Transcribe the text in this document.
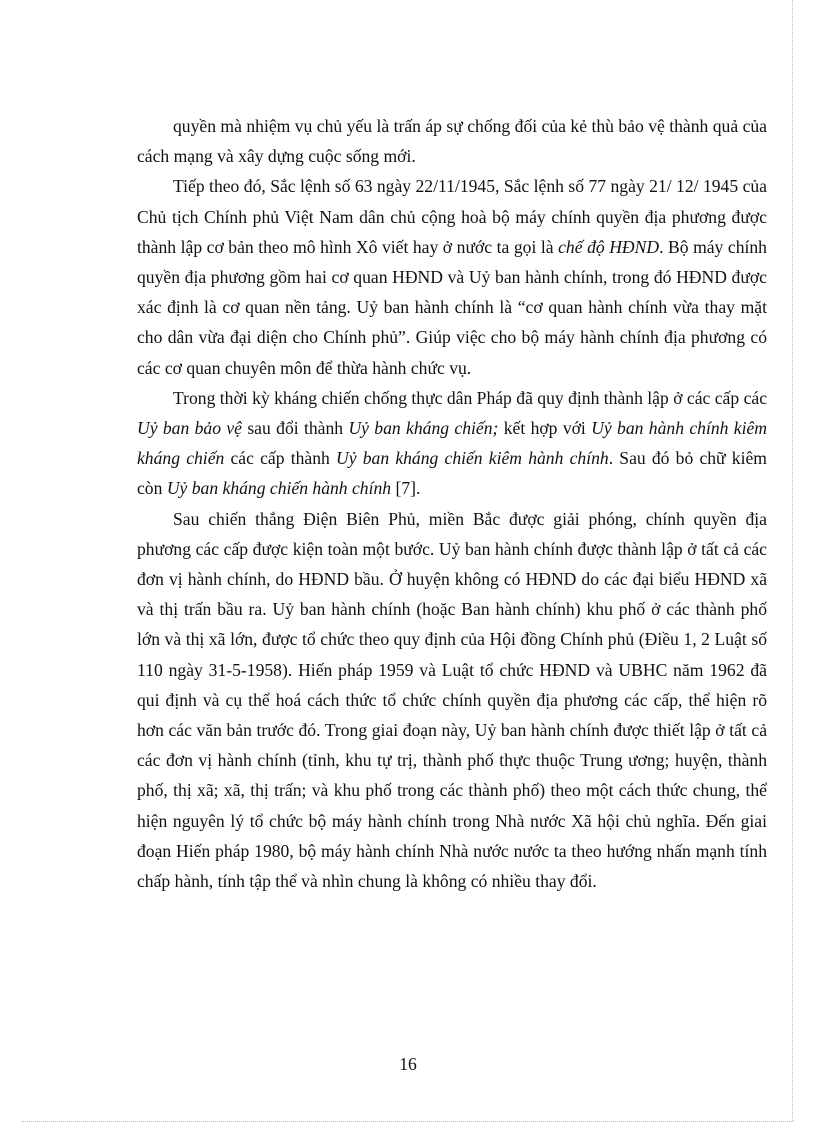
quyền mà nhiệm vụ chủ yếu là trấn áp sự chống đối của kẻ thù bảo vệ thành quả của cách mạng và xây dựng cuộc sống mới.

Tiếp theo đó, Sắc lệnh số 63 ngày 22/11/1945, Sắc lệnh số 77 ngày 21/ 12/ 1945 của Chủ tịch Chính phủ Việt Nam dân chủ cộng hoà bộ máy chính quyền địa phương được thành lập cơ bản theo mô hình Xô viết hay ở nước ta gọi là chế độ HĐND. Bộ máy chính quyền địa phương gồm hai cơ quan HĐND và Uỷ ban hành chính, trong đó HĐND được xác định là cơ quan nền tảng. Uỷ ban hành chính là “cơ quan hành chính vừa thay mặt cho dân vừa đại diện cho Chính phủ”. Giúp việc cho bộ máy hành chính địa phương có các cơ quan chuyên môn để thừa hành chức vụ.

Trong thời kỳ kháng chiến chống thực dân Pháp đã quy định thành lập ở các cấp các Uỷ ban bảo vệ sau đổi thành Uỷ ban kháng chiến; kết hợp với Uỷ ban hành chính kiêm kháng chiến các cấp thành Uỷ ban kháng chiến kiêm hành chính. Sau đó bỏ chữ kiêm còn Uỷ ban kháng chiến hành chính [7].

Sau chiến thắng Điện Biên Phủ, miền Bắc được giải phóng, chính quyền địa phương các cấp được kiện toàn một bước. Uỷ ban hành chính được thành lập ở tất cả các đơn vị hành chính, do HĐND bầu. Ở huyện không có HĐND do các đại biểu HĐND xã và thị trấn bầu ra. Uỷ ban hành chính (hoặc Ban hành chính) khu phố ở các thành phố lớn và thị xã lớn, được tổ chức theo quy định của Hội đồng Chính phủ (Điều 1, 2 Luật số 110 ngày 31-5-1958). Hiến pháp 1959 và Luật tổ chức HĐND và UBHC năm 1962 đã qui định và cụ thể hoá cách thức tổ chức chính quyền địa phương các cấp, thể hiện rõ hơn các văn bản trước đó. Trong giai đoạn này, Uỷ ban hành chính được thiết lập ở tất cả các đơn vị hành chính (tỉnh, khu tự trị, thành phố thực thuộc Trung ương; huyện, thành phố, thị xã; xã, thị trấn; và khu phố trong các thành phố) theo một cách thức chung, thể hiện nguyên lý tổ chức bộ máy hành chính trong Nhà nước Xã hội chủ nghĩa. Đến giai đoạn Hiến pháp 1980, bộ máy hành chính Nhà nước nước ta theo hướng nhấn mạnh tính chấp hành, tính tập thể và nhìn chung là không có nhiều thay đổi.

16
